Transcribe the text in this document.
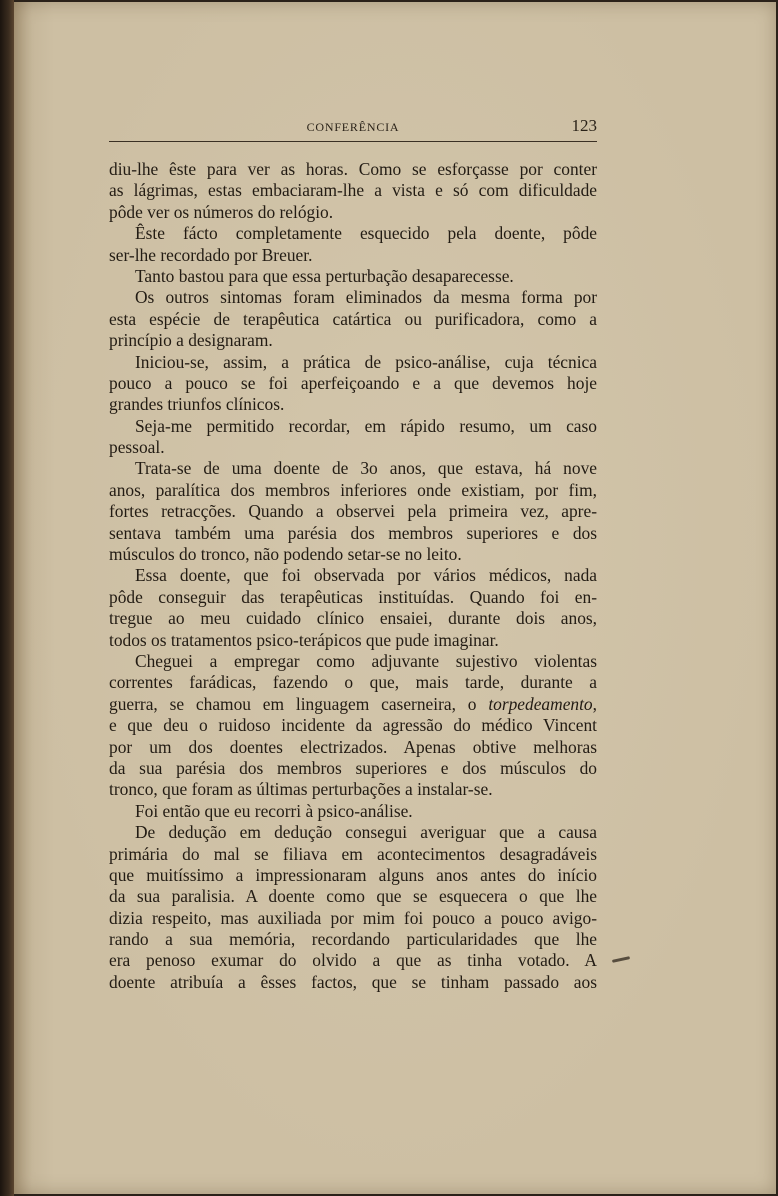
CONFERÊNCIA	123
diu-lhe êste para ver as horas. Como se esforçasse por conter
as lágrimas, estas embaciaram-lhe a vista e só com dificuldade
pôde ver os números do relógio.
Êste fácto completamente esquecido pela doente, pôde
ser-lhe recordado por Breuer.
Tanto bastou para que essa perturbação desaparecesse.
Os outros sintomas foram eliminados da mesma forma por
esta espécie de terapêutica catártica ou purificadora, como a
princípio a designaram.
Iniciou-se, assim, a prática de psico-análise, cuja técnica
pouco a pouco se foi aperfeiçoando e a que devemos hoje
grandes triunfos clínicos.
Seja-me permitido recordar, em rápido resumo, um caso
pessoal.
Trata-se de uma doente de 3o anos, que estava, há nove
anos, paralítica dos membros inferiores onde existiam, por fim,
fortes retracções. Quando a observei pela primeira vez, apre-
sentava também uma parésia dos membros superiores e dos
músculos do tronco, não podendo setar-se no leito.
Essa doente, que foi observada por vários médicos, nada
pôde conseguir das terapêuticas instituídas. Quando foi en-
tregue ao meu cuidado clínico ensaiei, durante dois anos,
todos os tratamentos psico-terápicos que pude imaginar.
Cheguei a empregar como adjuvante sujestivo violentas
correntes farádicas, fazendo o que, mais tarde, durante a
guerra, se chamou em linguagem caserneira, o torpedeamento,
e que deu o ruidoso incidente da agressão do médico Vincent
por um dos doentes electrizados. Apenas obtive melhoras
da sua parésia dos membros superiores e dos músculos do
tronco, que foram as últimas perturbações a instalar-se.
Foi então que eu recorri à psico-análise.
De dedução em dedução consegui averiguar que a causa
primária do mal se filiava em acontecimentos desagradáveis
que muitíssimo a impressionaram alguns anos antes do início
da sua paralisia. A doente como que se esquecera o que lhe
dizia respeito, mas auxiliada por mim foi pouco a pouco avigo-
rando a sua memória, recordando particularidades que lhe
era penoso exumar do olvido a que as tinha votado. A
doente atribuía a êsses factos, que se tinham passado aos
